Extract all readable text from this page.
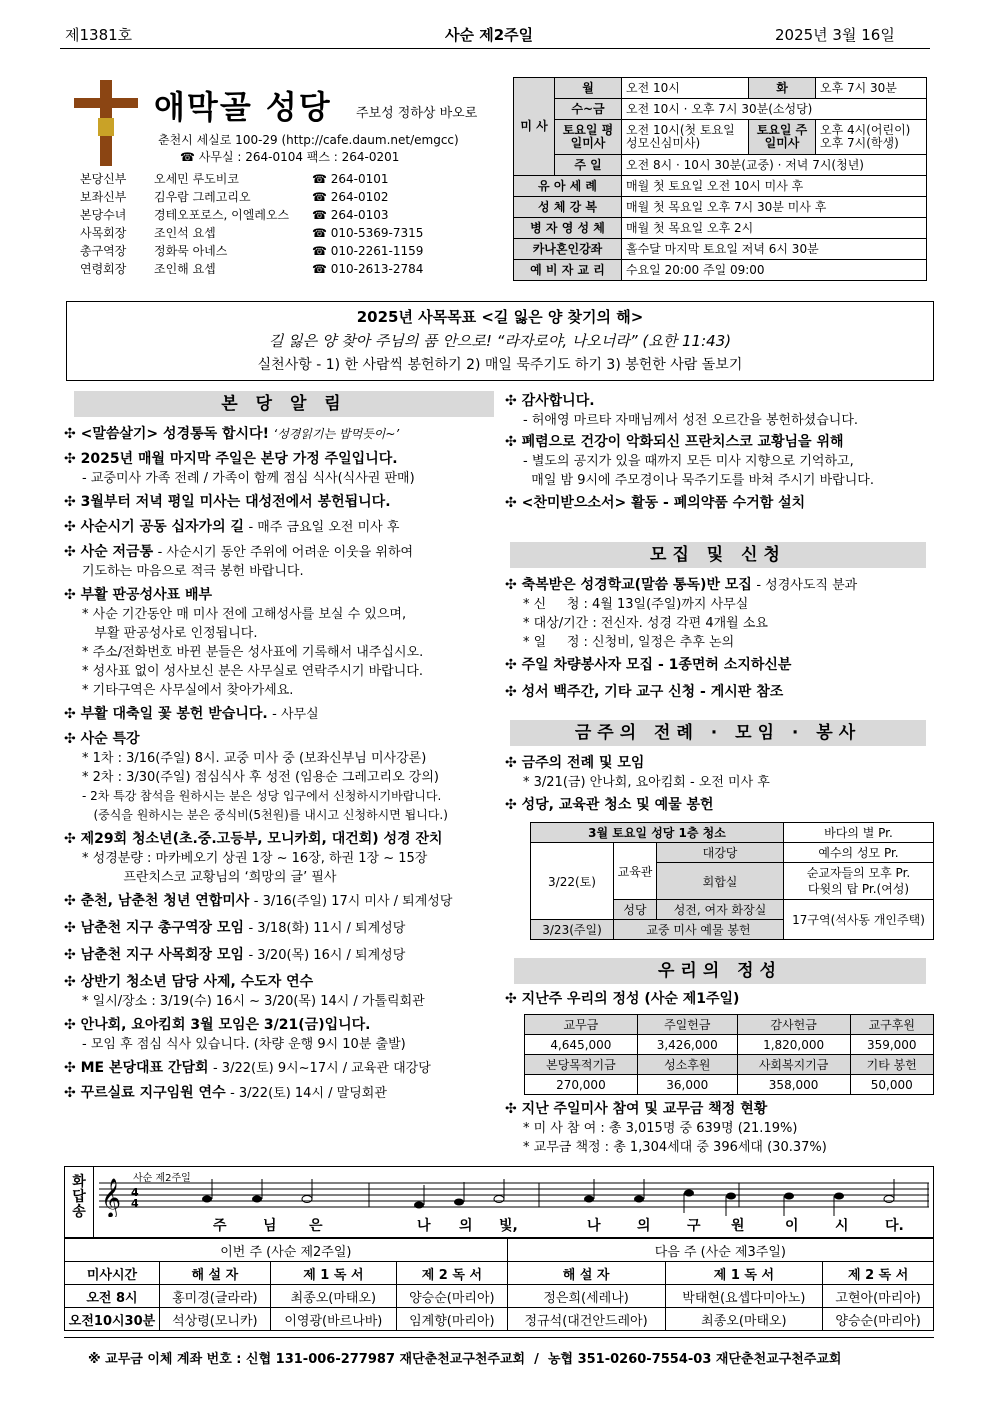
제1381호	사순 제2주일	2025년 3월 16일
애막골 성당 주보성 정하상 바오로
춘천시 세실로 100-29 (http://cafe.daum.net/emgcc)
☎ 사무실 : 264-0104 팩스 : 264-0201
본당신부 오세민 루도비코	☎ 264-0101
보좌신부 김우람 그레고리오	☎ 264-0102
본당수녀 경테오포로스, 이엘레오스 ☎ 264-0103
사목회장 조인석 요셉	☎ 010-5369-7315
총구역장 정화묵 아네스	☎ 010-2261-1159
연령회장 조인해 요셉	☎ 010-2613-2784
미 사	월	오전 10시	화	오후 7시 30분
	수~금	오전 10시 · 오후 7시 30분(소성당)		
	토요일 평일미사	오전 10시(첫 토요일 성모신심미사)	토요일 주일미사	오후 4시(어린이) 오후 7시(학생)
	주 일	오전 8시 · 10시 30분(교중) · 저녁 7시(청년)		
유 아 세 례		매월 첫 토요일 오전 10시 미사 후		
성 체 강 복		매월 첫 목요일 오후 7시 30분 미사 후		
병 자 영 성 체		매월 첫 목요일 오후 2시		
카나혼인강좌		홀수달 마지막 토요일 저녁 6시 30분		
예 비 자 교 리		수요일 20:00 주일 09:00		
2025년 사목목표 <길 잃은 양 찾기의 해>
길 잃은 양 찾아 주님의 품 안으로! “라자로야, 나오너라” (요한 11:43)
실천사항 - 1) 한 사람씩 봉헌하기 2) 매일 묵주기도 하기 3) 봉헌한 사람 돌보기
본 당 알 림
✣ <말씀살기> 성경통독 합시다! ‘성경읽기는 밥먹듯이~’
✣ 2025년 매월 마지막 주일은 본당 가정 주일입니다.
- 교중미사 가족 전례 / 가족이 함께 점심 식사(식사권 판매)
✣ 3월부터 저녁 평일 미사는 대성전에서 봉헌됩니다.
✣ 사순시기 공동 십자가의 길 - 매주 금요일 오전 미사 후
✣ 사순 저금통 - 사순시기 동안 주위에 어려운 이웃을 위하여
기도하는 마음으로 적극 봉헌 바랍니다.
✣ 부활 판공성사표 배부
* 사순 기간동안 매 미사 전에 고해성사를 보실 수 있으며,
부활 판공성사로 인정됩니다.
* 주소/전화번호 바뀐 분들은 성사표에 기록해서 내주십시오.
* 성사표 없이 성사보신 분은 사무실로 연락주시기 바랍니다.
* 기타구역은 사무실에서 찾아가세요.
✣ 부활 대축일 꽃 봉헌 받습니다. - 사무실
✣ 사순 특강
* 1차 : 3/16(주일) 8시. 교중 미사 중 (보좌신부님 미사강론)
* 2차 : 3/30(주일) 점심식사 후 성전 (임용순 그레고리오 강의)
- 2차 특강 참석을 원하시는 분은 성당 입구에서 신청하시기바랍니다.
(중식을 원하시는 분은 중식비(5천원)를 내시고 신청하시면 됩니다.)
✣ 제29회 청소년(초.중.고등부, 모니카회, 대건회) 성경 잔치
* 성경분량 : 마카베오기 상권 1장 ~ 16장, 하권 1장 ~ 15장
프란치스코 교황님의 ‘희망의 글’ 필사
✣ 춘천, 남춘천 청년 연합미사 - 3/16(주일) 17시 미사 / 퇴계성당
✣ 남춘천 지구 총구역장 모임 - 3/18(화) 11시 / 퇴계성당
✣ 남춘천 지구 사목회장 모임 - 3/20(목) 16시 / 퇴계성당
✣ 상반기 청소년 담당 사제, 수도자 연수
* 일시/장소 : 3/19(수) 16시 ~ 3/20(목) 14시 / 가톨릭회관
✣ 안나회, 요아킴회 3월 모임은 3/21(금)입니다.
- 모임 후 점심 식사 있습니다. (차량 운행 9시 10분 출발)
✣ ME 본당대표 간담회 - 3/22(토) 9시~17시 / 교육관 대강당
✣ 꾸르실료 지구임원 연수 - 3/22(토) 14시 / 말딩회관
✣ 감사합니다.
- 허애영 마르타 자매님께서 성전 오르간을 봉헌하셨습니다.
✣ 폐렴으로 건강이 악화되신 프란치스코 교황님을 위해
- 별도의 공지가 있을 때까지 모든 미사 지향으로 기억하고,
매일 밤 9시에 주모경이나 묵주기도를 바쳐 주시기 바랍니다.
✣ <찬미받으소서> 활동 - 폐의약품 수거함 설치
모집 및 신청
✣ 축복받은 성경학교(말씀 통독)반 모집 - 성경사도직 분과
* 신     청 : 4월 13일(주일)까지 사무실
* 대상/기간 : 전신자. 성경 각편 4개월 소요
* 일     정 : 신청비, 일정은 추후 논의
✣ 주일 차량봉사자 모집 - 1종면허 소지하신분
✣ 성서 백주간, 기타 교구 신청 - 게시판 참조
금주의 전례 · 모임 · 봉사
✣ 금주의 전례 및 모임
* 3/21(금) 안나회, 요아킴회 - 오전 미사 후
✣ 성당, 교육관 청소 및 예물 봉헌
3월 토요일 성당 1층 청소			바다의 별 Pr.
3/22(토)	교육관	대강당	예수의 성모 Pr.
		회합실	순교자들의 모후 Pr.
다윗의 탑 Pr.(여성)

	성당	성전, 여자 화장실	17구역(석사동 개인주택)
3/23(주일)	교중 미사 예물 봉헌		
우리의 정성
✣ 지난주 우리의 정성 (사순 제1주일)
교무금	주일헌금	감사헌금	교구후원
4,645,000	3,426,000	1,820,000	359,000
본당목적기금	성소후원	사회복지기금	기타 봉헌
270,000	36,000	358,000	50,000
✣ 지난 주일미사 참여 및 교무금 책정 현황
* 미 사 참 여 : 총 3,015명 중 639명 (21.19%)
* 교무금 책정 : 총 1,304세대 중 396세대 (30.37%)
화답송
사순 제2주일
𝄞 4
4
주	님 은	나 의 빛,	나	의	구 원	이	시	다.
이번 주 (사순 제2주일)				다음 주 (사순 제3주일)		
미사시간	해 설 자	제 1 독 서	제 2 독 서	해 설 자	제 1 독 서	제 2 독 서
오전 8시	홍미경(글라라)	최종오(마태오)	양승순(마리아)	정은희(세레나)	박태현(요셉다미아노)	고현아(마리아)
오전10시30분	석상령(모니카)	이영광(바르나바)	임계향(마리아)	정규석(대건안드레아)	최종오(마태오)	양승순(마리아)
※ 교무금 이체 계좌 번호 : 신협 131-006-277987 재단춘천교구천주교회  /  농협 351-0260-7554-03 재단춘천교구천주교회
